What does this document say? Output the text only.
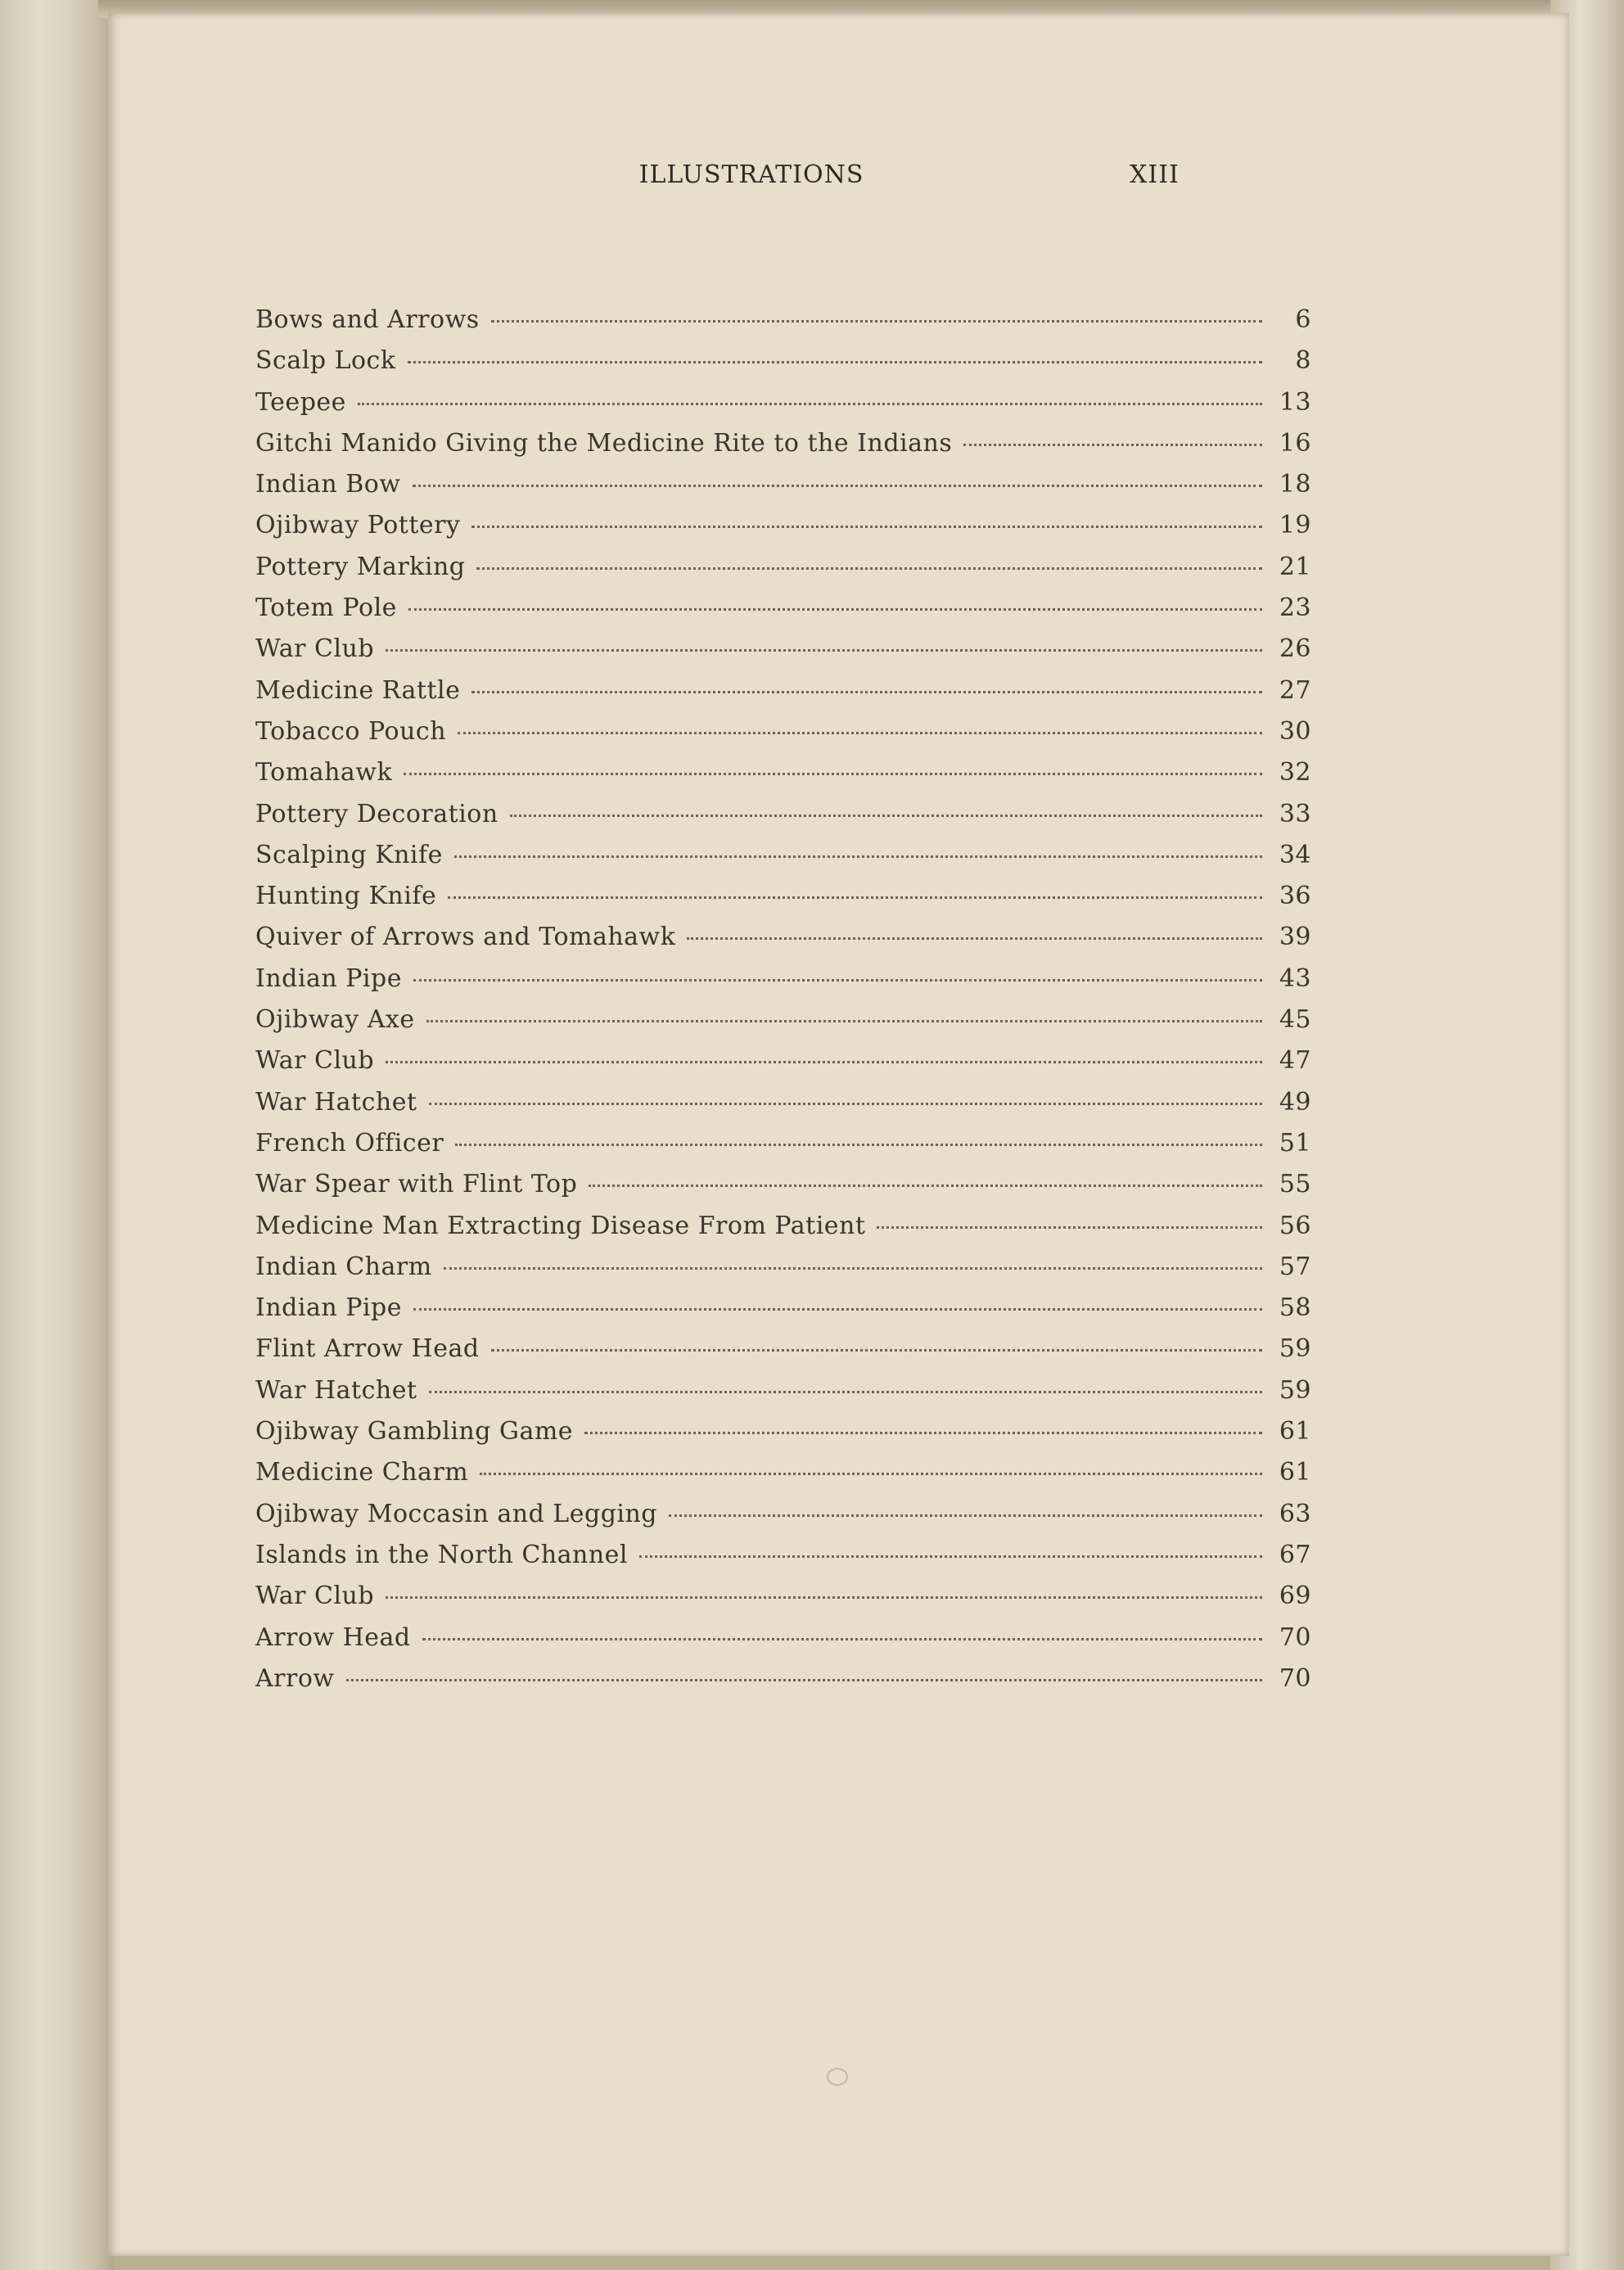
ILLUSTRATIONS	XIII
Bows and Arrows	6
Scalp Lock	8
Teepee	13
Gitchi Manido Giving the Medicine Rite to the Indians	16
Indian Bow	18
Ojibway Pottery	19
Pottery Marking	21
Totem Pole	23
War Club	26
Medicine Rattle	27
Tobacco Pouch	30
Tomahawk	32
Pottery Decoration	33
Scalping Knife	34
Hunting Knife	36
Quiver of Arrows and Tomahawk	39
Indian Pipe	43
Ojibway Axe	45
War Club	47
War Hatchet	49
French Officer	51
War Spear with Flint Top	55
Medicine Man Extracting Disease From Patient	56
Indian Charm	57
Indian Pipe	58
Flint Arrow Head	59
War Hatchet	59
Ojibway Gambling Game	61
Medicine Charm	61
Ojibway Moccasin and Legging	63
Islands in the North Channel	67
War Club	69
Arrow Head	70
Arrow	70
